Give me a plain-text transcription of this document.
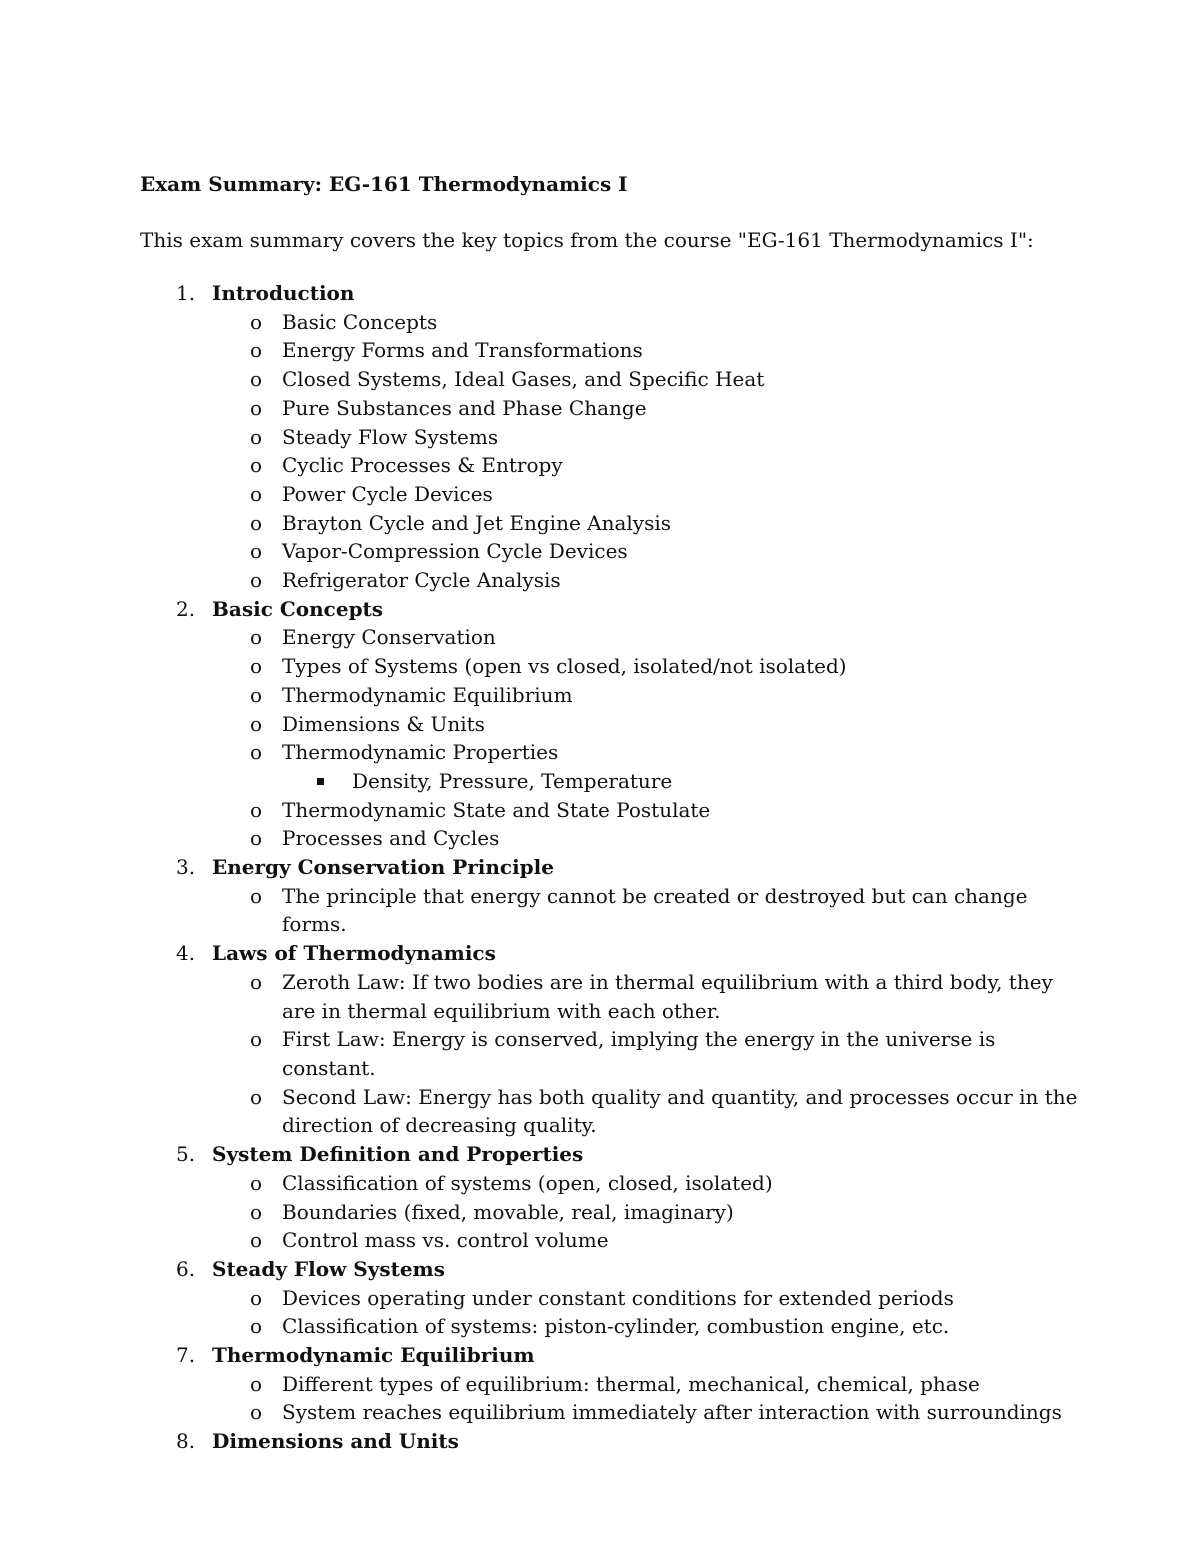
Exam Summary: EG-161 Thermodynamics I
This exam summary covers the key topics from the course "EG-161 Thermodynamics I":
1. Introduction
o Basic Concepts
o Energy Forms and Transformations
o Closed Systems, Ideal Gases, and Specific Heat
o Pure Substances and Phase Change
o Steady Flow Systems
o Cyclic Processes & Entropy
o Power Cycle Devices
o Brayton Cycle and Jet Engine Analysis
o Vapor-Compression Cycle Devices
o Refrigerator Cycle Analysis
2. Basic Concepts
o Energy Conservation
o Types of Systems (open vs closed, isolated/not isolated)
o Thermodynamic Equilibrium
o Dimensions & Units
o Thermodynamic Properties
Density, Pressure, Temperature
o Thermodynamic State and State Postulate
o Processes and Cycles
3. Energy Conservation Principle
o The principle that energy cannot be created or destroyed but can change forms.
4. Laws of Thermodynamics
o Zeroth Law: If two bodies are in thermal equilibrium with a third body, they are in thermal equilibrium with each other.
o First Law: Energy is conserved, implying the energy in the universe is constant.
o Second Law: Energy has both quality and quantity, and processes occur in the direction of decreasing quality.
5. System Definition and Properties
o Classification of systems (open, closed, isolated)
o Boundaries (fixed, movable, real, imaginary)
o Control mass vs. control volume
6. Steady Flow Systems
o Devices operating under constant conditions for extended periods
o Classification of systems: piston-cylinder, combustion engine, etc.
7. Thermodynamic Equilibrium
o Different types of equilibrium: thermal, mechanical, chemical, phase
o System reaches equilibrium immediately after interaction with surroundings
8. Dimensions and Units
